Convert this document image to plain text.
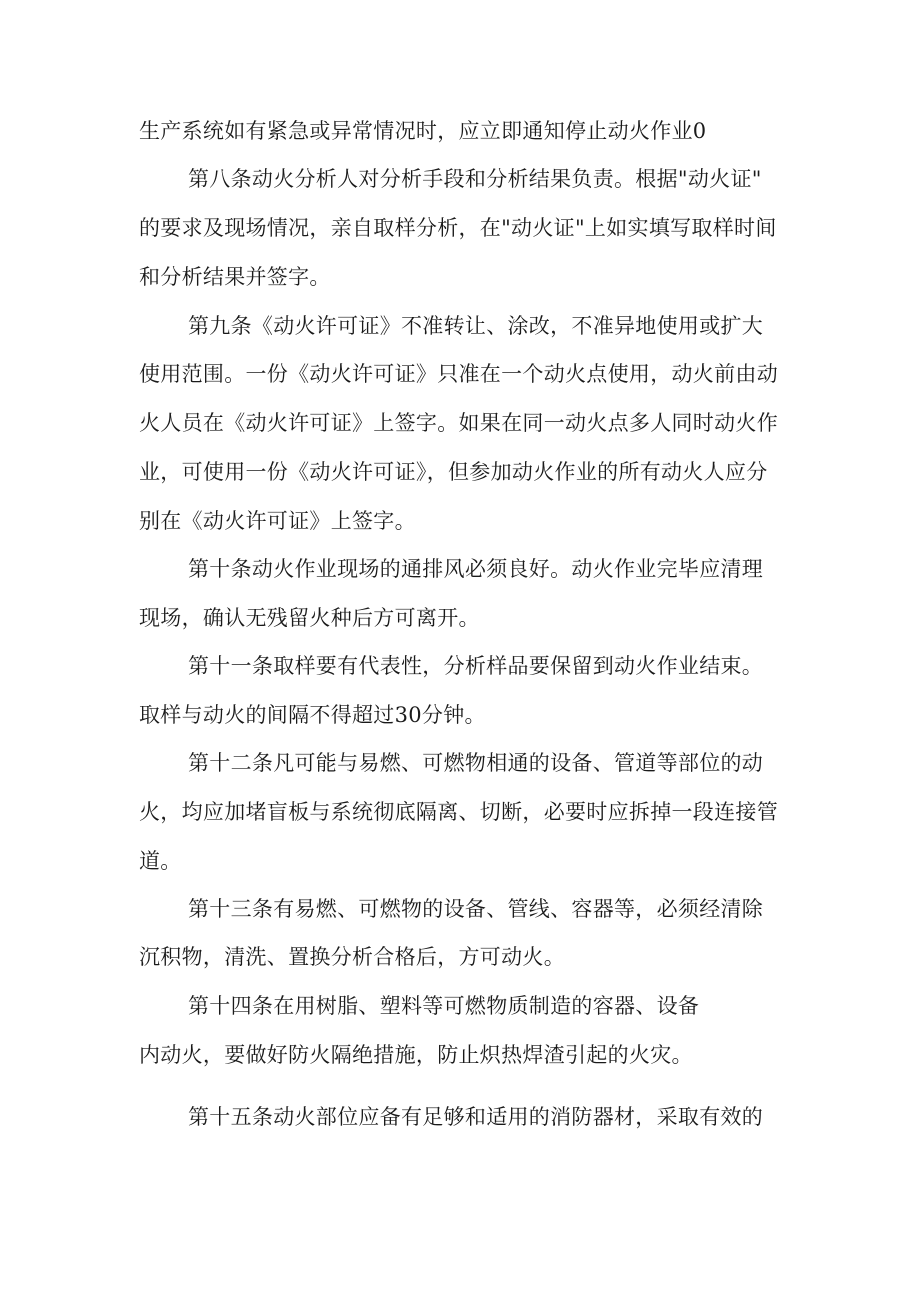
生产系统如有紧急或异常情况时，应立即通知停止动火作业0
第八条动火分析人对分析手段和分析结果负责。根据"动火证"
的要求及现场情况，亲自取样分析，在"动火证"上如实填写取样时间
和分析结果并签字。
第九条《动火许可证》不准转让、涂改，不准异地使用或扩大
使用范围。一份《动火许可证》只准在一个动火点使用，动火前由动
火人员在《动火许可证》上签字。如果在同一动火点多人同时动火作
业，可使用一份《动火许可证》，但参加动火作业的所有动火人应分
别在《动火许可证》上签字。
第十条动火作业现场的通排风必须良好。动火作业完毕应清理
现场，确认无残留火种后方可离开。
第十一条取样要有代表性，分析样品要保留到动火作业结束。
取样与动火的间隔不得超过30分钟。
第十二条凡可能与易燃、可燃物相通的设备、管道等部位的动
火，均应加堵盲板与系统彻底隔离、切断，必要时应拆掉一段连接管
道。
第十三条有易燃、可燃物的设备、管线、容器等，必须经清除
沉积物，清洗、置换分析合格后，方可动火。
第十四条在用树脂、塑料等可燃物质制造的容器、设备
内动火，要做好防火隔绝措施，防止炽热焊渣引起的火灾。
第十五条动火部位应备有足够和适用的消防器材，采取有效的
